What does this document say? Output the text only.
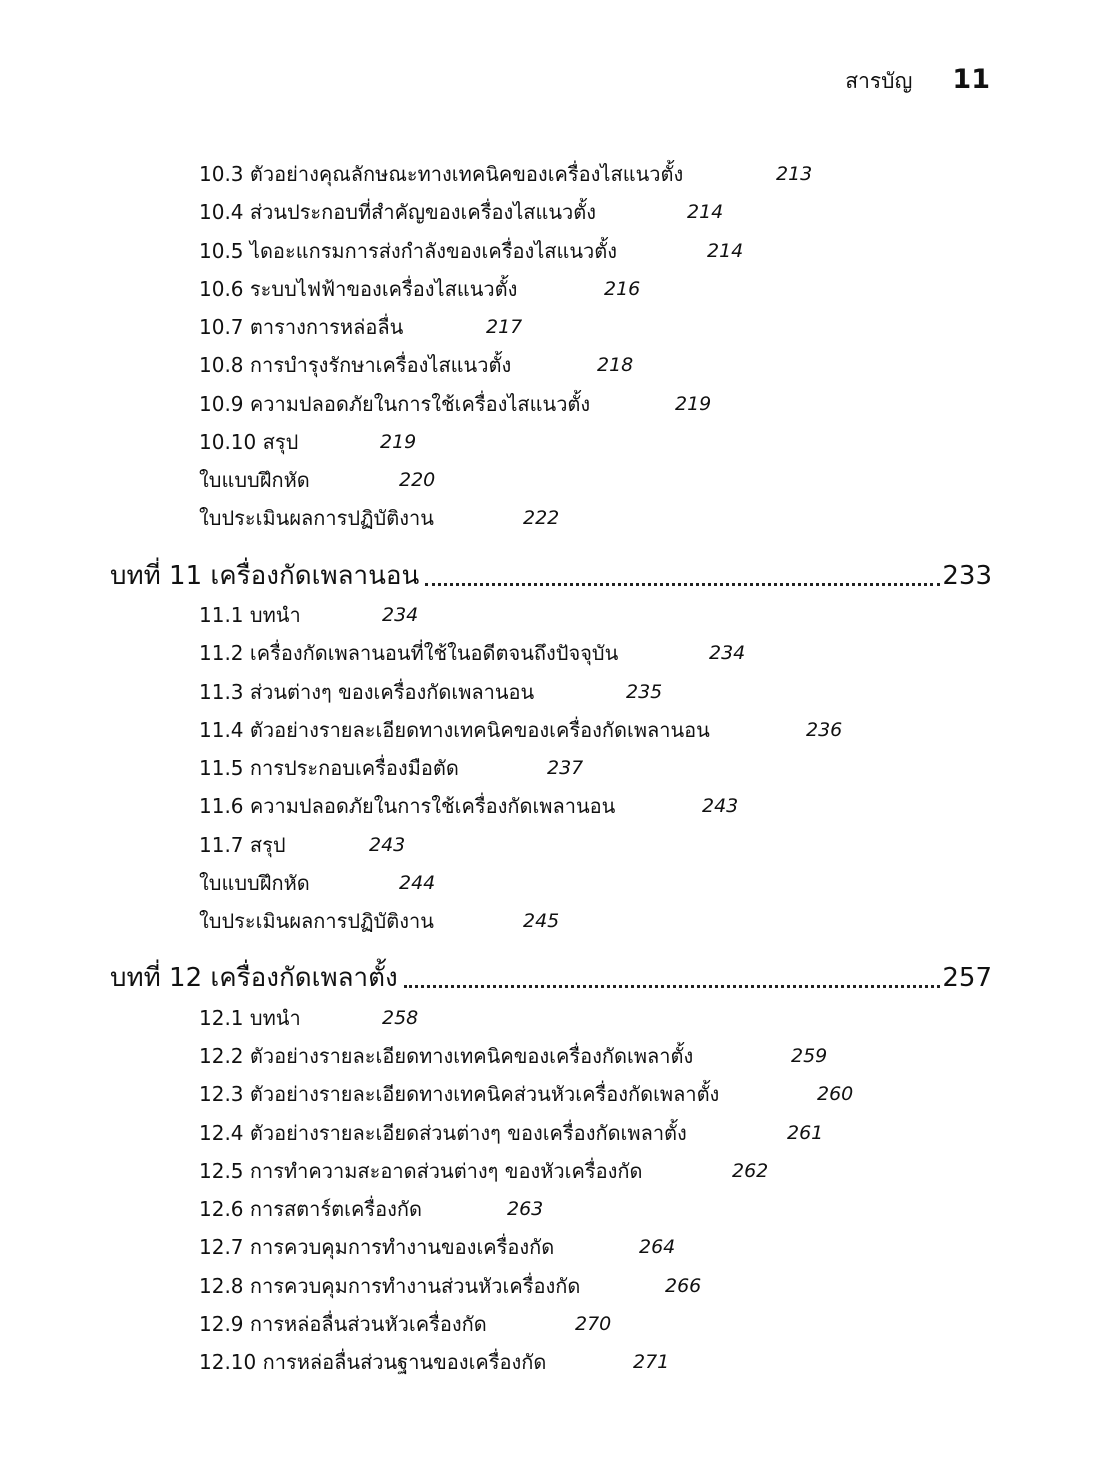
สารบัญ 11
10.3 ตัวอย่างคุณลักษณะทางเทคนิคของเครื่องไสแนวตั้ง	213
10.4 ส่วนประกอบที่สำคัญของเครื่องไสแนวตั้ง	214
10.5 ไดอะแกรมการส่งกำลังของเครื่องไสแนวตั้ง	214
10.6 ระบบไฟฟ้าของเครื่องไสแนวตั้ง	216
10.7 ตารางการหล่อลื่น	217
10.8 การบำรุงรักษาเครื่องไสแนวตั้ง	218
10.9 ความปลอดภัยในการใช้เครื่องไสแนวตั้ง	219
10.10 สรุป	219
ใบแบบฝึกหัด	220
ใบประเมินผลการปฏิบัติงาน	222
บทที่ 11 เครื่องกัดเพลานอน	233
11.1 บทนำ	234
11.2 เครื่องกัดเพลานอนที่ใช้ในอดีตจนถึงปัจจุบัน	234
11.3 ส่วนต่างๆ ของเครื่องกัดเพลานอน	235
11.4 ตัวอย่างรายละเอียดทางเทคนิคของเครื่องกัดเพลานอน	236
11.5 การประกอบเครื่องมือตัด	237
11.6 ความปลอดภัยในการใช้เครื่องกัดเพลานอน	243
11.7 สรุป	243
ใบแบบฝึกหัด	244
ใบประเมินผลการปฏิบัติงาน	245
บทที่ 12 เครื่องกัดเพลาตั้ง	257
12.1 บทนำ	258
12.2 ตัวอย่างรายละเอียดทางเทคนิคของเครื่องกัดเพลาตั้ง	259
12.3 ตัวอย่างรายละเอียดทางเทคนิคส่วนหัวเครื่องกัดเพลาตั้ง	260
12.4 ตัวอย่างรายละเอียดส่วนต่างๆ ของเครื่องกัดเพลาตั้ง	261
12.5 การทำความสะอาดส่วนต่างๆ ของหัวเครื่องกัด	262
12.6 การสตาร์ตเครื่องกัด	263
12.7 การควบคุมการทำงานของเครื่องกัด	264
12.8 การควบคุมการทำงานส่วนหัวเครื่องกัด	266
12.9 การหล่อลื่นส่วนหัวเครื่องกัด	270
12.10 การหล่อลื่นส่วนฐานของเครื่องกัด	271
